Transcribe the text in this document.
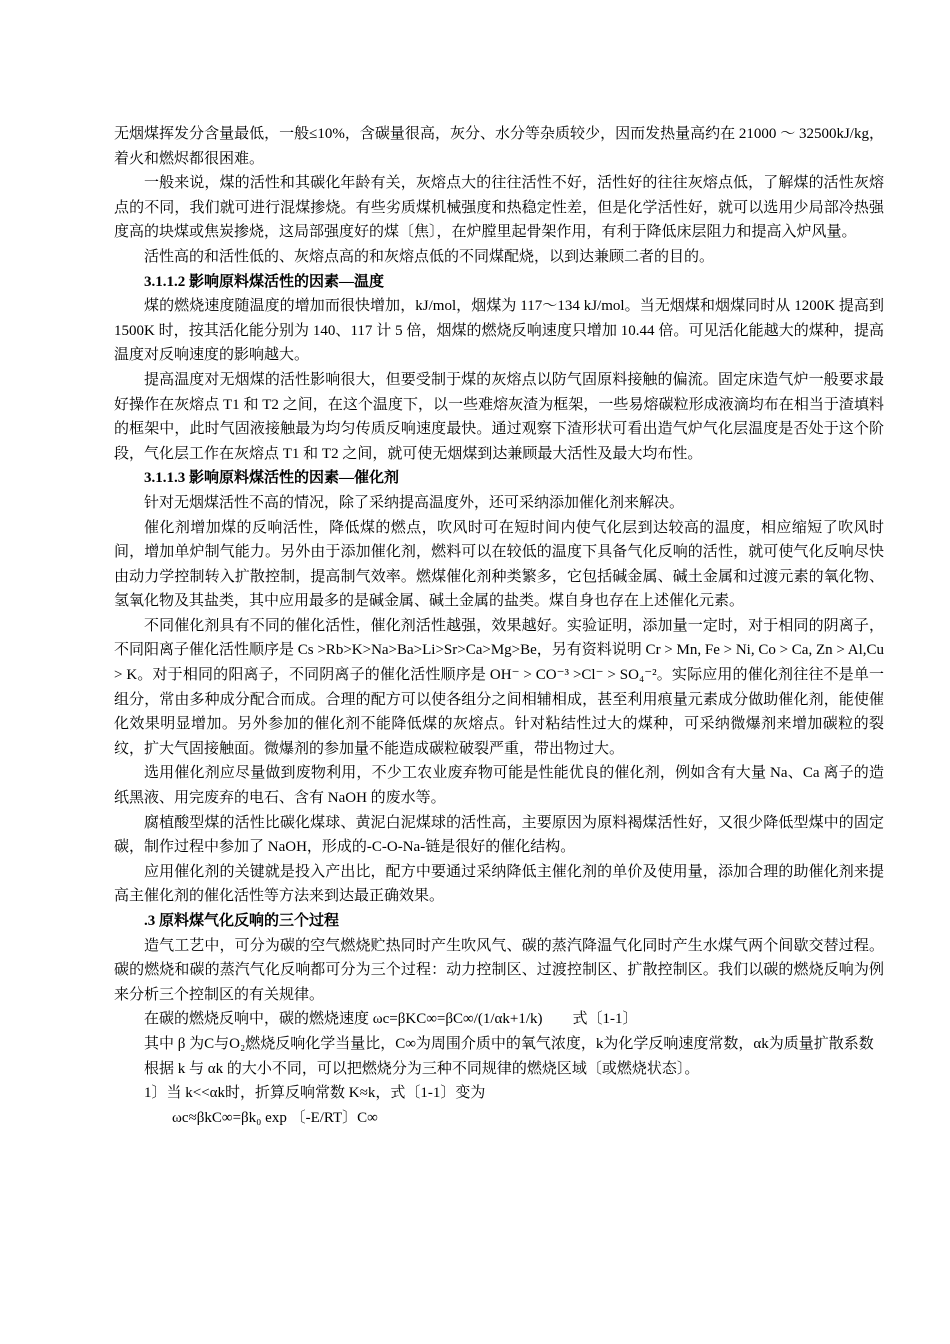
无烟煤挥发分含量最低，一般≤10%，含碳量很高，灰分、水分等杂质较少，因而发热量高约在 21000 ～ 32500kJ/kg，着火和燃烬都很困难。

一般来说，煤的活性和其碳化年龄有关，灰熔点大的往往活性不好，活性好的往往灰熔点低，了解煤的活性灰熔点的不同，我们就可进行混煤掺烧。有些劣质煤机械强度和热稳定性差，但是化学活性好，就可以选用少局部冷热强度高的块煤或焦炭掺烧，这局部强度好的煤〔焦〕，在炉膛里起骨架作用，有利于降低床层阻力和提高入炉风量。

活性高的和活性低的、灰熔点高的和灰熔点低的不同煤配烧，以到达兼顾二者的目的。

3.1.1.2 影响原料煤活性的因素—温度

煤的燃烧速度随温度的增加而很快增加，kJ/mol，烟煤为 117～134 kJ/mol。当无烟煤和烟煤同时从 1200K 提高到 1500K 时，按其活化能分别为 140、117 计 5 倍，烟煤的燃烧反响速度只增加 10.44 倍。可见活化能越大的煤种，提高温度对反响速度的影响越大。

提高温度对无烟煤的活性影响很大，但要受制于煤的灰熔点以防气固原料接触的偏流。固定床造气炉一般要求最好操作在灰熔点 T1 和 T2 之间，在这个温度下，以一些难熔灰渣为框架，一些易熔碳粒形成液滴均布在相当于渣填料的框架中，此时气固液接触最为均匀传质反响速度最快。通过观察下渣形状可看出造气炉气化层温度是否处于这个阶段，气化层工作在灰熔点 T1 和 T2 之间，就可使无烟煤到达兼顾最大活性及最大均布性。

3.1.1.3 影响原料煤活性的因素—催化剂

针对无烟煤活性不高的情况，除了采纳提高温度外，还可采纳添加催化剂来解决。

催化剂增加煤的反响活性，降低煤的燃点，吹风时可在短时间内使气化层到达较高的温度，相应缩短了吹风时间，增加单炉制气能力。另外由于添加催化剂，燃料可以在较低的温度下具备气化反响的活性，就可使气化反响尽快由动力学控制转入扩散控制，提高制气效率。燃煤催化剂种类繁多，它包括碱金属、碱土金属和过渡元素的氧化物、氢氧化物及其盐类，其中应用最多的是碱金属、碱土金属的盐类。煤自身也存在上述催化元素。

不同催化剂具有不同的催化活性，催化剂活性越强，效果越好。实验证明，添加量一定时，对于相同的阴离子，不同阳离子催化活性顺序是 Cs >Rb>K>Na>Ba>Li>Sr>Ca>Mg>Be，另有资料说明 Cr > Mn, Fe > Ni, Co > Ca, Zn > Al,Cu > K。对于相同的阳离子，不同阴离子的催化活性顺序是 OH⁻ > CO⁻³ >Cl⁻ > SO₄⁻²。实际应用的催化剂往往不是单一组分，常由多种成分配合而成。合理的配方可以使各组分之间相辅相成，甚至利用痕量元素成分做助催化剂，能使催化效果明显增加。另外参加的催化剂不能降低煤的灰熔点。针对粘结性过大的煤种，可采纳微爆剂来增加碳粒的裂纹，扩大气固接触面。微爆剂的参加量不能造成碳粒破裂严重，带出物过大。

选用催化剂应尽量做到废物利用，不少工农业废弃物可能是性能优良的催化剂，例如含有大量 Na、Ca 离子的造纸黑液、用完废弃的电石、含有 NaOH 的废水等。

腐植酸型煤的活性比碳化煤球、黄泥白泥煤球的活性高，主要原因为原料褐煤活性好，又很少降低型煤中的固定碳，制作过程中参加了 NaOH，形成的-C-O-Na-链是很好的催化结构。

应用催化剂的关键就是投入产出比，配方中要通过采纳降低主催化剂的单价及使用量，添加合理的助催化剂来提高主催化剂的催化活性等方法来到达最正确效果。

.3 原料煤气化反响的三个过程

造气工艺中，可分为碳的空气燃烧贮热同时产生吹风气、碳的蒸汽降温气化同时产生水煤气两个间歇交替过程。碳的燃烧和碳的蒸汽气化反响都可分为三个过程：动力控制区、过渡控制区、扩散控制区。我们以碳的燃烧反响为例来分析三个控制区的有关规律。

在碳的燃烧反响中，碳的燃烧速度 ωc=βKC∞=βC∞/(1/αk+1/k)　　式〔1-1〕

其中 β 为C与O₂燃烧反响化学当量比，C∞为周围介质中的氧气浓度，k为化学反响速度常数，αk为质量扩散系数

根据 k 与 αk 的大小不同，可以把燃烧分为三种不同规律的燃烧区域〔或燃烧状态〕。

1〕当 k<<αk时，折算反响常数 K≈k，式〔1-1〕变为

ωc≈βkC∞=βk₀ exp 〔-E/RT〕C∞
